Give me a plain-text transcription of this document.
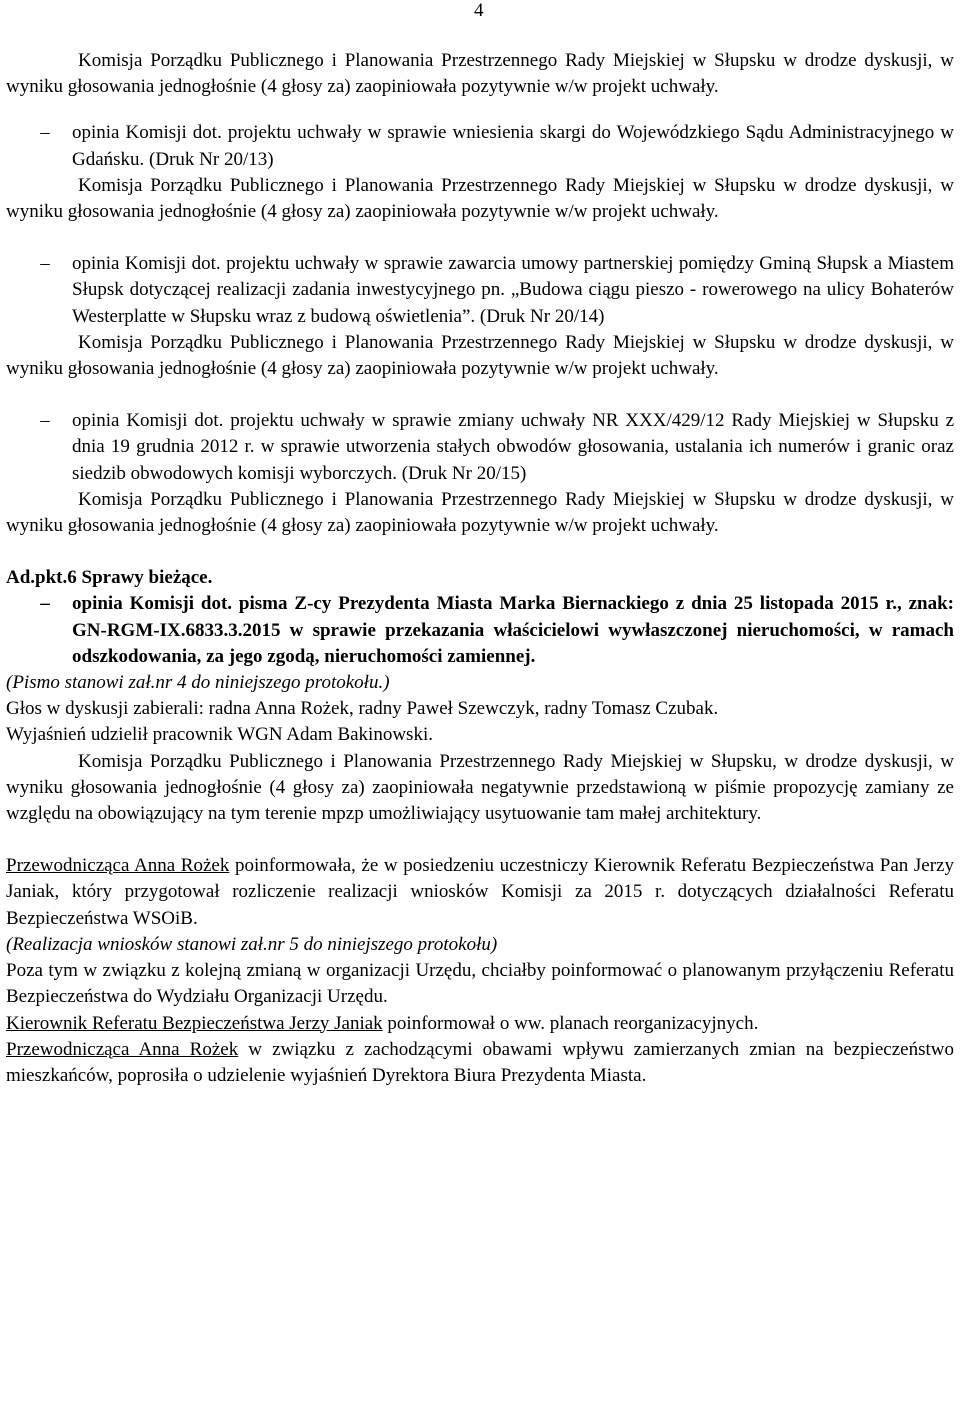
4

Komisja Porządku Publicznego i Planowania Przestrzennego Rady Miejskiej w Słupsku w drodze dyskusji, w wyniku głosowania jednogłośnie (4 głosy za) zaopiniowała pozytywnie w/w projekt uchwały.

–	opinia Komisji dot. projektu uchwały w sprawie wniesienia skargi do Wojewódzkiego Sądu Administracyjnego w Gdańsku. (Druk Nr 20/13)

Komisja Porządku Publicznego i Planowania Przestrzennego Rady Miejskiej w Słupsku w drodze dyskusji, w wyniku głosowania jednogłośnie (4 głosy za) zaopiniowała pozytywnie w/w projekt uchwały.

–	opinia Komisji dot. projektu uchwały w sprawie zawarcia umowy partnerskiej pomiędzy Gminą Słupsk a Miastem Słupsk dotyczącej realizacji zadania inwestycyjnego pn. „Budowa ciągu pieszo - rowerowego na ulicy Bohaterów Westerplatte w Słupsku wraz z budową oświetlenia”. (Druk Nr 20/14)

Komisja Porządku Publicznego i Planowania Przestrzennego Rady Miejskiej w Słupsku w drodze dyskusji, w wyniku głosowania jednogłośnie (4 głosy za) zaopiniowała pozytywnie w/w projekt uchwały.

–	opinia Komisji dot. projektu uchwały w sprawie zmiany uchwały NR XXX/429/12 Rady Miejskiej w Słupsku z dnia 19 grudnia 2012 r. w sprawie utworzenia stałych obwodów głosowania, ustalania ich numerów i granic oraz siedzib obwodowych komisji wyborczych. (Druk Nr 20/15)

Komisja Porządku Publicznego i Planowania Przestrzennego Rady Miejskiej w Słupsku w drodze dyskusji, w wyniku głosowania jednogłośnie (4 głosy za) zaopiniowała pozytywnie w/w projekt uchwały.

Ad.pkt.6 Sprawy bieżące.

–	opinia Komisji dot. pisma Z-cy Prezydenta Miasta Marka Biernackiego z dnia 25 listopada 2015 r., znak: GN-RGM-IX.6833.3.2015 w sprawie przekazania właścicielowi wywłaszczonej nieruchomości, w ramach odszkodowania, za jego zgodą, nieruchomości zamiennej.

(Pismo stanowi zał.nr 4 do niniejszego protokołu.)

Głos w dyskusji zabierali: radna Anna Rożek, radny Paweł Szewczyk, radny Tomasz Czubak.

Wyjaśnień udzielił pracownik WGN Adam Bakinowski.

Komisja Porządku Publicznego i Planowania Przestrzennego Rady Miejskiej w Słupsku, w drodze dyskusji, w wyniku głosowania jednogłośnie (4 głosy za) zaopiniowała negatywnie przedstawioną w piśmie propozycję zamiany ze względu na obowiązujący na tym terenie mpzp umożliwiający usytuowanie tam małej architektury.

Przewodnicząca Anna Rożek poinformowała, że w posiedzeniu uczestniczy Kierownik Referatu Bezpieczeństwa Pan Jerzy Janiak, który przygotował rozliczenie realizacji wniosków Komisji za 2015 r. dotyczących działalności Referatu Bezpieczeństwa WSOiB.

(Realizacja wniosków stanowi zał.nr 5 do niniejszego protokołu)

Poza tym w związku z kolejną zmianą w organizacji Urzędu, chciałby poinformować o planowanym przyłączeniu Referatu Bezpieczeństwa do Wydziału Organizacji Urzędu.

Kierownik Referatu Bezpieczeństwa Jerzy Janiak poinformował o ww. planach reorganizacyjnych.

Przewodnicząca Anna Rożek w związku z zachodzącymi obawami wpływu zamierzanych zmian na bezpieczeństwo mieszkańców, poprosiła o udzielenie wyjaśnień Dyrektora Biura Prezydenta Miasta.
